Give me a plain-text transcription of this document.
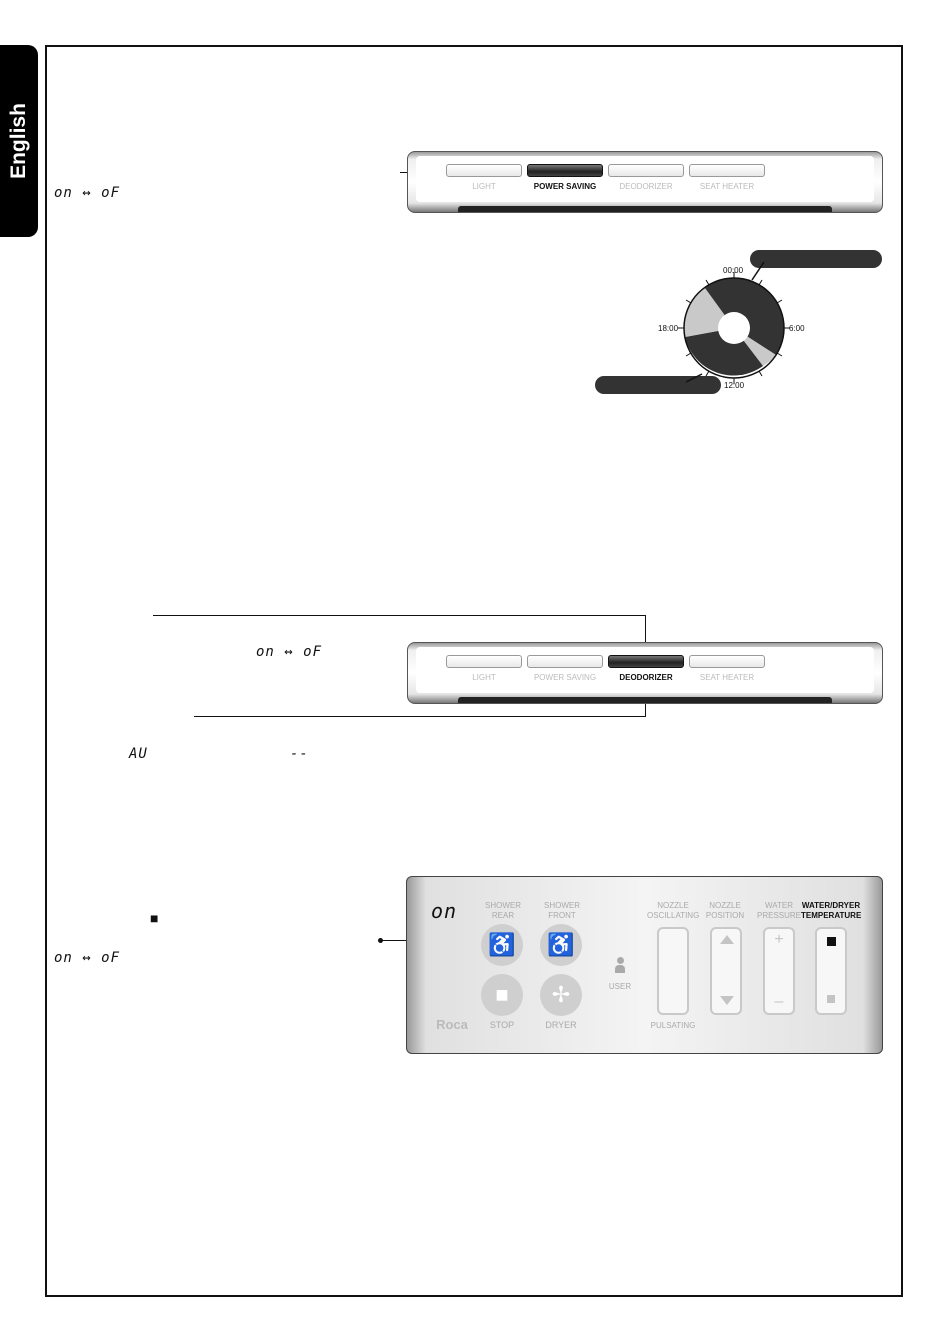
English
on ↔ oF	LIGHT	POWER SAVING	DEODORIZER	SEAT HEATER
00:00
6:00
12:00
18:00
on ↔ oF
AU	--
LIGHT	POWER SAVING	DEODORIZER	SEAT HEATER
■
on ↔ oF
on	SHOWER REAR
SHOWER FRONT
♿	♿
■	✢
STOP	DRYER
USER
Roca
NOZZLE OSCILLATING
PULSATING
NOZZLE POSITION
WATER PRESSURE
+
–
WATER/DRYER TEMPERATURE
